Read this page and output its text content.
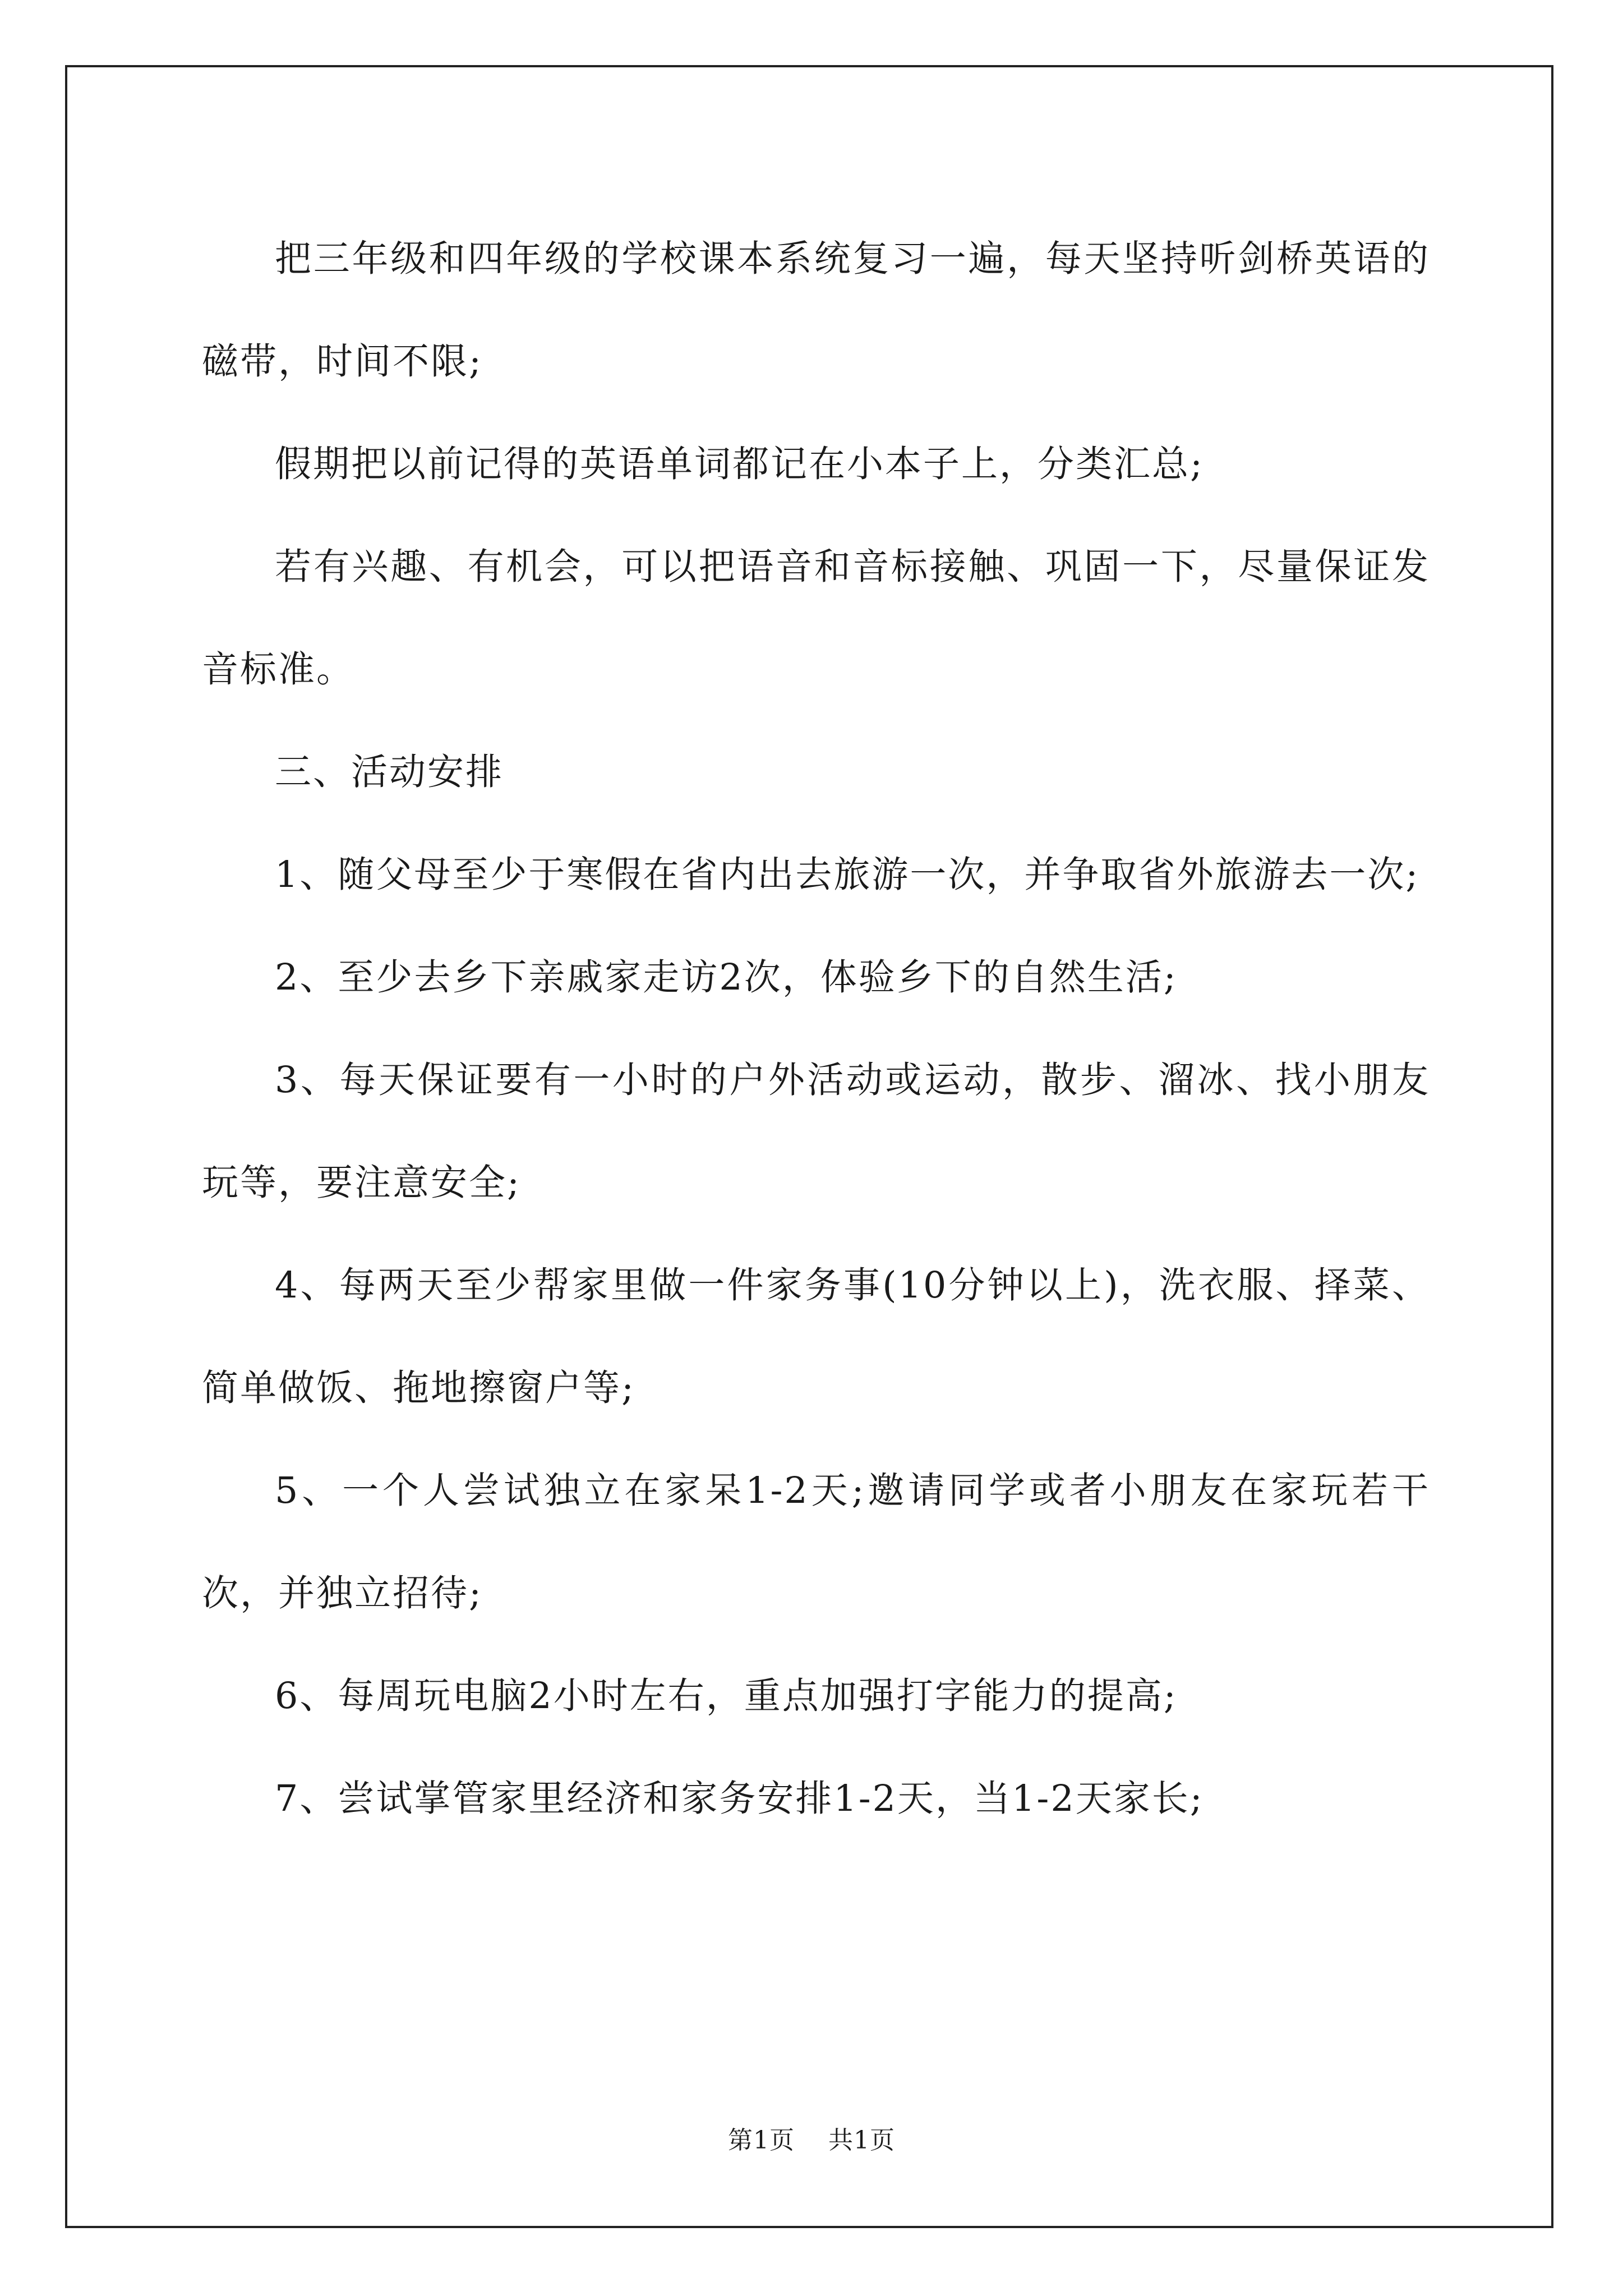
把三年级和四年级的学校课本系统复习一遍，每天坚持听剑桥英语的磁带，时间不限;

假期把以前记得的英语单词都记在小本子上，分类汇总;

若有兴趣、有机会，可以把语音和音标接触、巩固一下，尽量保证发音标准。

三、活动安排

1、随父母至少于寒假在省内出去旅游一次，并争取省外旅游去一次;

2、至少去乡下亲戚家走访2次，体验乡下的自然生活;

3、每天保证要有一小时的户外活动或运动，散步、溜冰、找小朋友玩等，要注意安全;

4、每两天至少帮家里做一件家务事(10分钟以上)，洗衣服、择菜、简单做饭、拖地擦窗户等;

5、一个人尝试独立在家呆1-2天;邀请同学或者小朋友在家玩若干次，并独立招待;

6、每周玩电脑2小时左右，重点加强打字能力的提高;

7、尝试掌管家里经济和家务安排1-2天，当1-2天家长;

第1页 共1页
